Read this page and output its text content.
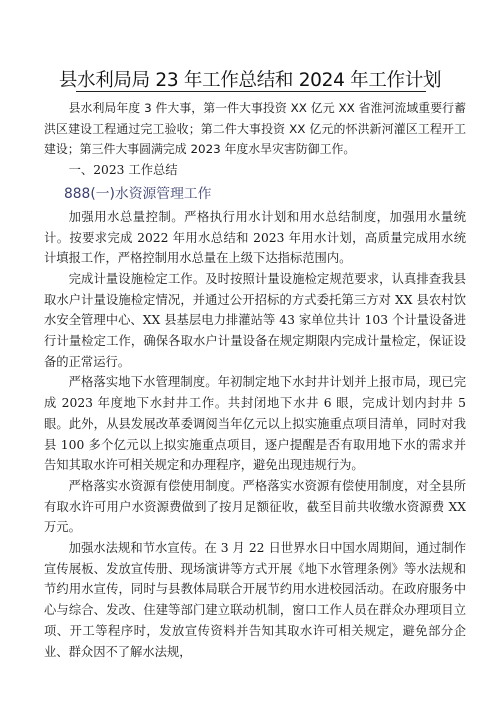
县水利局局 23 年工作总结和 2024 年工作计划

县水利局年度 3 件大事，第一件大事投资 XX 亿元 XX 省淮河流域重要行蓄洪区建设工程通过完工验收；第二件大事投资 XX 亿元的怀洪新河灌区工程开工建设；第三件大事圆满完成 2023 年度水旱灾害防御工作。

一、2023 工作总结

888(一)水资源管理工作

加强用水总量控制。严格执行用水计划和用水总结制度，加强用水量统计。按要求完成 2022 年用水总结和 2023 年用水计划，高质量完成用水统计填报工作，严格控制用水总量在上级下达指标范围内。

完成计量设施检定工作。及时按照计量设施检定规范要求，认真排查我县取水户计量设施检定情况，并通过公开招标的方式委托第三方对 XX 县农村饮水安全管理中心、XX 县基层电力排灌站等 43 家单位共计 103 个计量设备进行计量检定工作，确保各取水户计量设备在规定期限内完成计量检定，保证设备的正常运行。

严格落实地下水管理制度。年初制定地下水封井计划并上报市局，现已完成 2023 年度地下水封井工作。共封闭地下水井 6 眼，完成计划内封井 5 眼。此外，从县发展改革委调阅当年亿元以上拟实施重点项目清单，同时对我县 100 多个亿元以上拟实施重点项目，逐户提醒是否有取用地下水的需求并告知其取水许可相关规定和办理程序，避免出现违规行为。

严格落实水资源有偿使用制度。严格落实水资源有偿使用制度，对全县所有取水许可用户水资源费做到了按月足额征收，截至目前共收缴水资源费 XX 万元。

加强水法规和节水宣传。在 3 月 22 日世界水日中国水周期间，通过制作宣传展板、发放宣传册、现场演讲等方式开展《地下水管理条例》等水法规和节约用水宣传，同时与县教体局联合开展节约用水进校园活动。在政府服务中心与综合、发改、住建等部门建立联动机制，窗口工作人员在群众办理项目立项、开工等程序时，发放宣传资料并告知其取水许可相关规定，避免部分企业、群众因不了解水法规，
